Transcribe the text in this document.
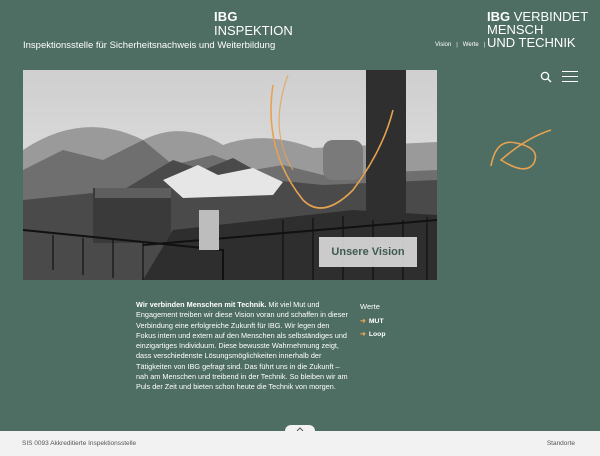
IBG
INSPEKTION
Inspektionsstelle für Sicherheitsnachweis und Weiterbildung
IBG VERBINDET
MENSCH
UND TECHNIK
Vision | Werte |
Unsere Vision
Wir verbinden Menschen mit Technik. Mit viel Mut und Engagement treiben wir diese Vision voran und schaffen in dieser Verbindung eine erfolgreiche Zukunft für IBG. Wir legen den Fokus intern und extern auf den Menschen als selbständiges und einzigartiges Individuum. Diese bewusste Wahrnehmung zeigt, dass verschiedenste Lösungsmöglichkeiten innerhalb der Tätigkeiten von IBG gefragt sind. Das führt uns in die Zukunft – nah am Menschen und treibend in der Technik. So bleiben wir am Puls der Zeit und bieten schon heute die Technik von morgen.
Werte
➜ MUT
➜ Loop
SIS 0093 Akkreditierte Inspektionsstelle	Standorte
